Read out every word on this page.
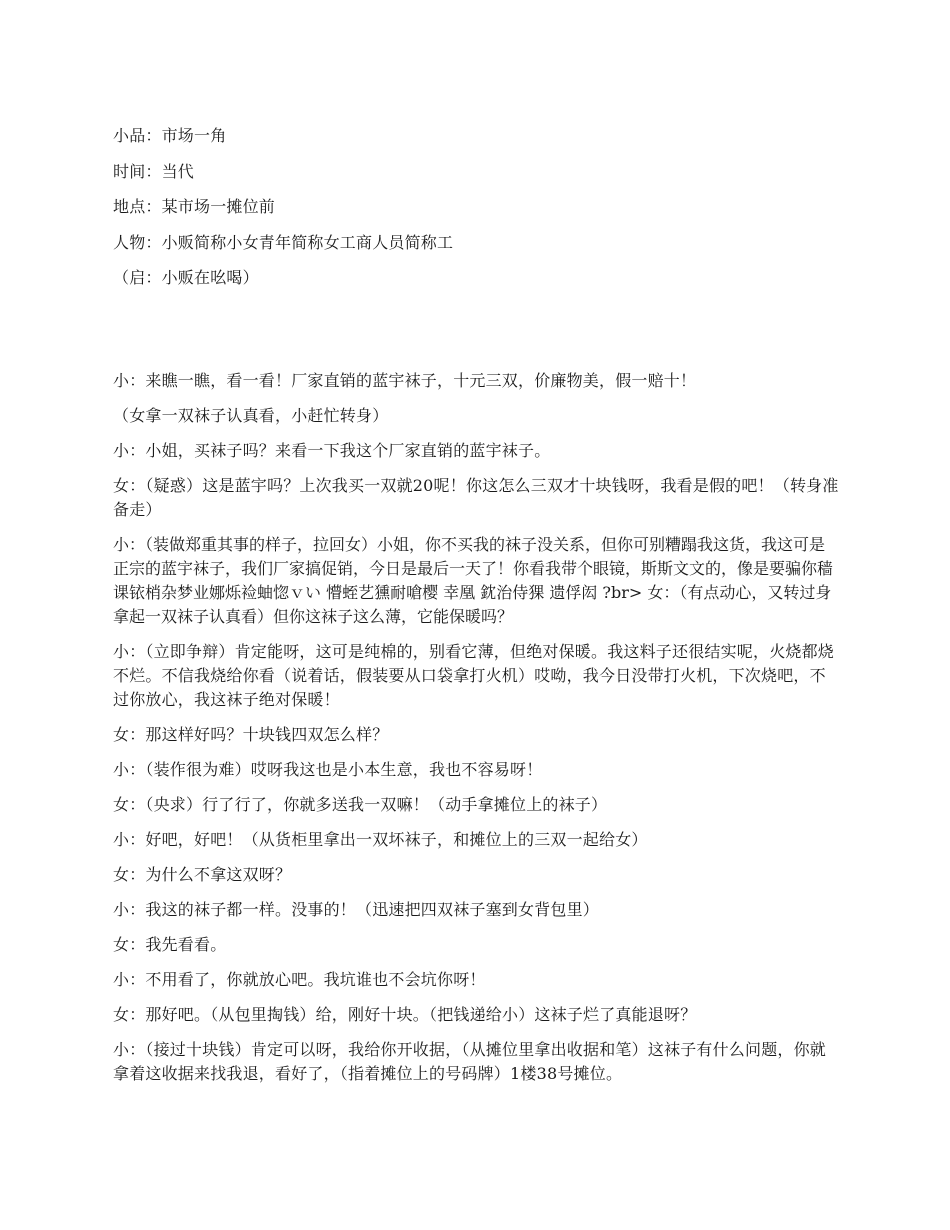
小品：市场一角

时间：当代

地点：某市场一摊位前

人物：小贩简称小女青年简称女工商人员简称工

（启：小贩在吆喝）

小：来瞧一瞧，看一看！厂家直销的蓝宇袜子，十元三双，价廉物美，假一赔十！

（女拿一双袜子认真看，小赶忙转身）

小：小姐，买袜子吗？来看一下我这个厂家直销的蓝宇袜子。

女：（疑惑）这是蓝宇吗？上次我买一双就20呢！你这怎么三双才十块钱呀，我看是假的吧！（转身准备走）

小：（装做郑重其事的样子，拉回女）小姐，你不买我的袜子没关系，但你可别糟蹋我这货，我这可是正宗的蓝宇袜子，我们厂家搞促销，今日是最后一天了！你看我带个眼镜，斯斯文文的，像是要骗你穑课铱梢杂梦业娜烁裣蚰惚ｖい 懵蛭艺獯耐嗆樱 幸凰 鈂治侍猓 遗俘闳 ?br> 女：（有点动心，又转过身拿起一双袜子认真看）但你这袜子这么薄，它能保暖吗？

小：（立即争辩）肯定能呀，这可是纯棉的，别看它薄，但绝对保暖。我这料子还很结实呢，火烧都烧不烂。不信我烧给你看（说着话，假装要从口袋拿打火机）哎呦，我今日没带打火机，下次烧吧，不过你放心，我这袜子绝对保暖！

女：那这样好吗？十块钱四双怎么样？

小：（装作很为难）哎呀我这也是小本生意，我也不容易呀！

女：（央求）行了行了，你就多送我一双嘛！（动手拿摊位上的袜子）

小：好吧，好吧！（从货柜里拿出一双坏袜子，和摊位上的三双一起给女）

女：为什么不拿这双呀？

小：我这的袜子都一样。没事的！（迅速把四双袜子塞到女背包里）

女：我先看看。

小：不用看了，你就放心吧。我坑谁也不会坑你呀！

女：那好吧。（从包里掏钱）给，刚好十块。（把钱递给小）这袜子烂了真能退呀？

小：（接过十块钱）肯定可以呀，我给你开收据，（从摊位里拿出收据和笔）这袜子有什么问题，你就拿着这收据来找我退，看好了，（指着摊位上的号码牌）1楼38号摊位。
